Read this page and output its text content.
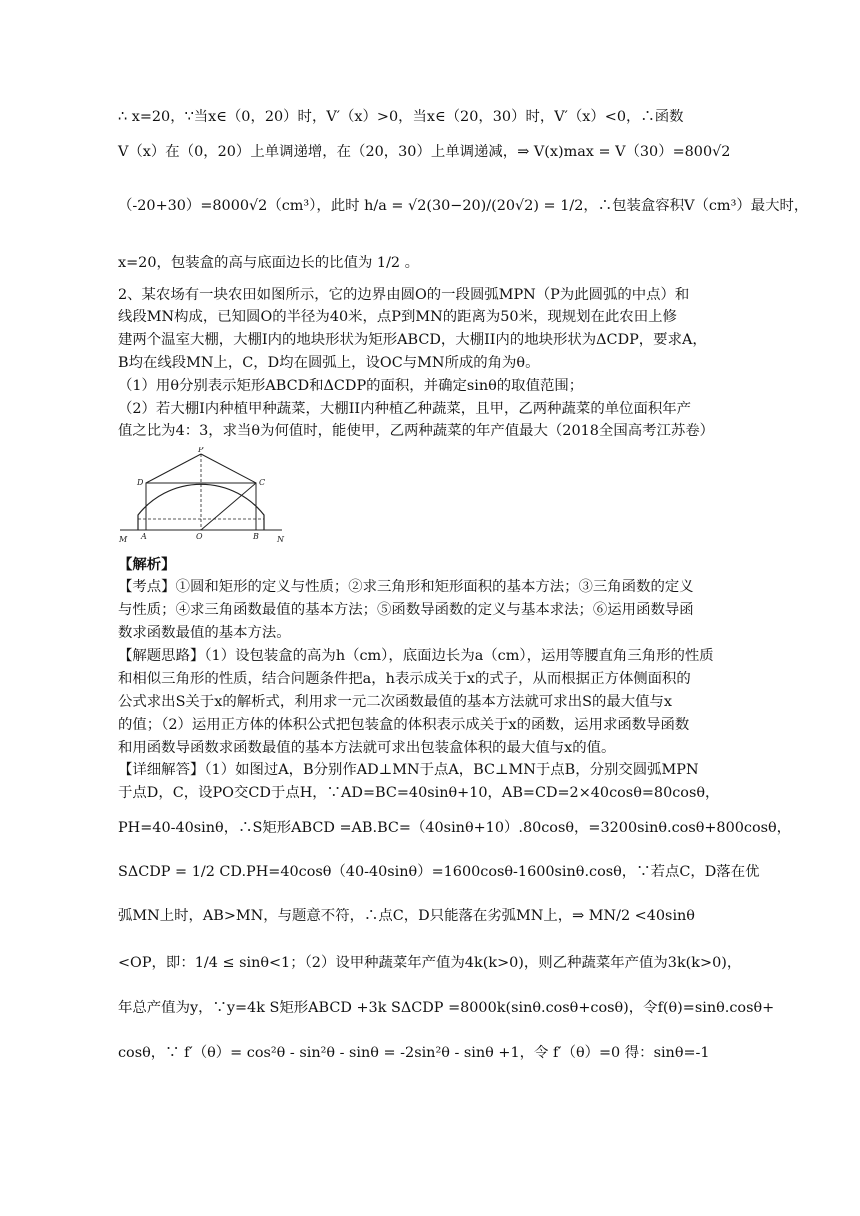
∴ x=20，∵当x∈（0，20）时，V′（x）>0，当x∈（20，30）时，V′（x）<0，∴函数
V（x）在（0，20）上单调递增，在（20，30）上单调递减，⇒ V(x)max = V（30）=800√2
（-20+30）=8000√2（cm³），此时 h/a = √2(30−20)/(20√2) = 1/2，∴包装盒容积V（cm³）最大时，
x=20，包装盒的高与底面边长的比值为 1/2 。
2、某农场有一块农田如图所示，它的边界由圆O的一段圆弧MPN（P为此圆弧的中点）和
线段MN构成，已知圆O的半径为40米，点P到MN的距离为50米，现规划在此农田上修
建两个温室大棚，大棚I内的地块形状为矩形ABCD，大棚II内的地块形状为ΔCDP，要求A，
B均在线段MN上，C，D均在圆弧上，设OC与MN所成的角为θ。
（1）用θ分别表示矩形ABCD和ΔCDP的面积，并确定sinθ的取值范围；
（2）若大棚I内种植甲种蔬菜，大棚II内种植乙种蔬菜，且甲，乙两种蔬菜的单位面积年产
值之比为4：3，求当θ为何值时，能使甲，乙两种蔬菜的年产值最大（2018全国高考江苏卷）
P
D	C
M A	O	B N
【解析】
【考点】①圆和矩形的定义与性质；②求三角形和矩形面积的基本方法；③三角函数的定义
与性质；④求三角函数最值的基本方法；⑤函数导函数的定义与基本求法；⑥运用函数导函
数求函数最值的基本方法。
【解题思路】（1）设包装盒的高为h（cm），底面边长为a（cm），运用等腰直角三角形的性质
和相似三角形的性质，结合问题条件把a，h表示成关于x的式子，从而根据正方体侧面积的
公式求出S关于x的解析式，利用求一元二次函数最值的基本方法就可求出S的最大值与x
的值；（2）运用正方体的体积公式把包装盒的体积表示成关于x的函数，运用求函数导函数
和用函数导函数求函数最值的基本方法就可求出包装盒体积的最大值与x的值。
【详细解答】（1）如图过A，B分别作AD⊥MN于点A，BC⊥MN于点B，分别交圆弧MPN
于点D，C，设PO交CD于点H，∵AD=BC=40sinθ+10，AB=CD=2×40cosθ=80cosθ，
PH=40-40sinθ，∴S矩形ABCD =AB.BC=（40sinθ+10）.80cosθ，=3200sinθ.cosθ+800cosθ，
SΔCDP = 1/2 CD.PH=40cosθ（40-40sinθ）=1600cosθ-1600sinθ.cosθ，∵若点C，D落在优
弧MN上时，AB>MN，与题意不符，∴点C，D只能落在劣弧MN上，⇒ MN/2 <40sinθ
<OP，即：1/4 ≤ sinθ<1；（2）设甲种蔬菜年产值为4k(k>0)，则乙种蔬菜年产值为3k(k>0)，
年总产值为y，∵y=4k S矩形ABCD +3k SΔCDP =8000k(sinθ.cosθ+cosθ)，令f(θ)=sinθ.cosθ+
cosθ，∵ f′（θ）= cos²θ - sin²θ - sinθ = -2sin²θ - sinθ +1，令 f′（θ）=0 得：sinθ=-1
